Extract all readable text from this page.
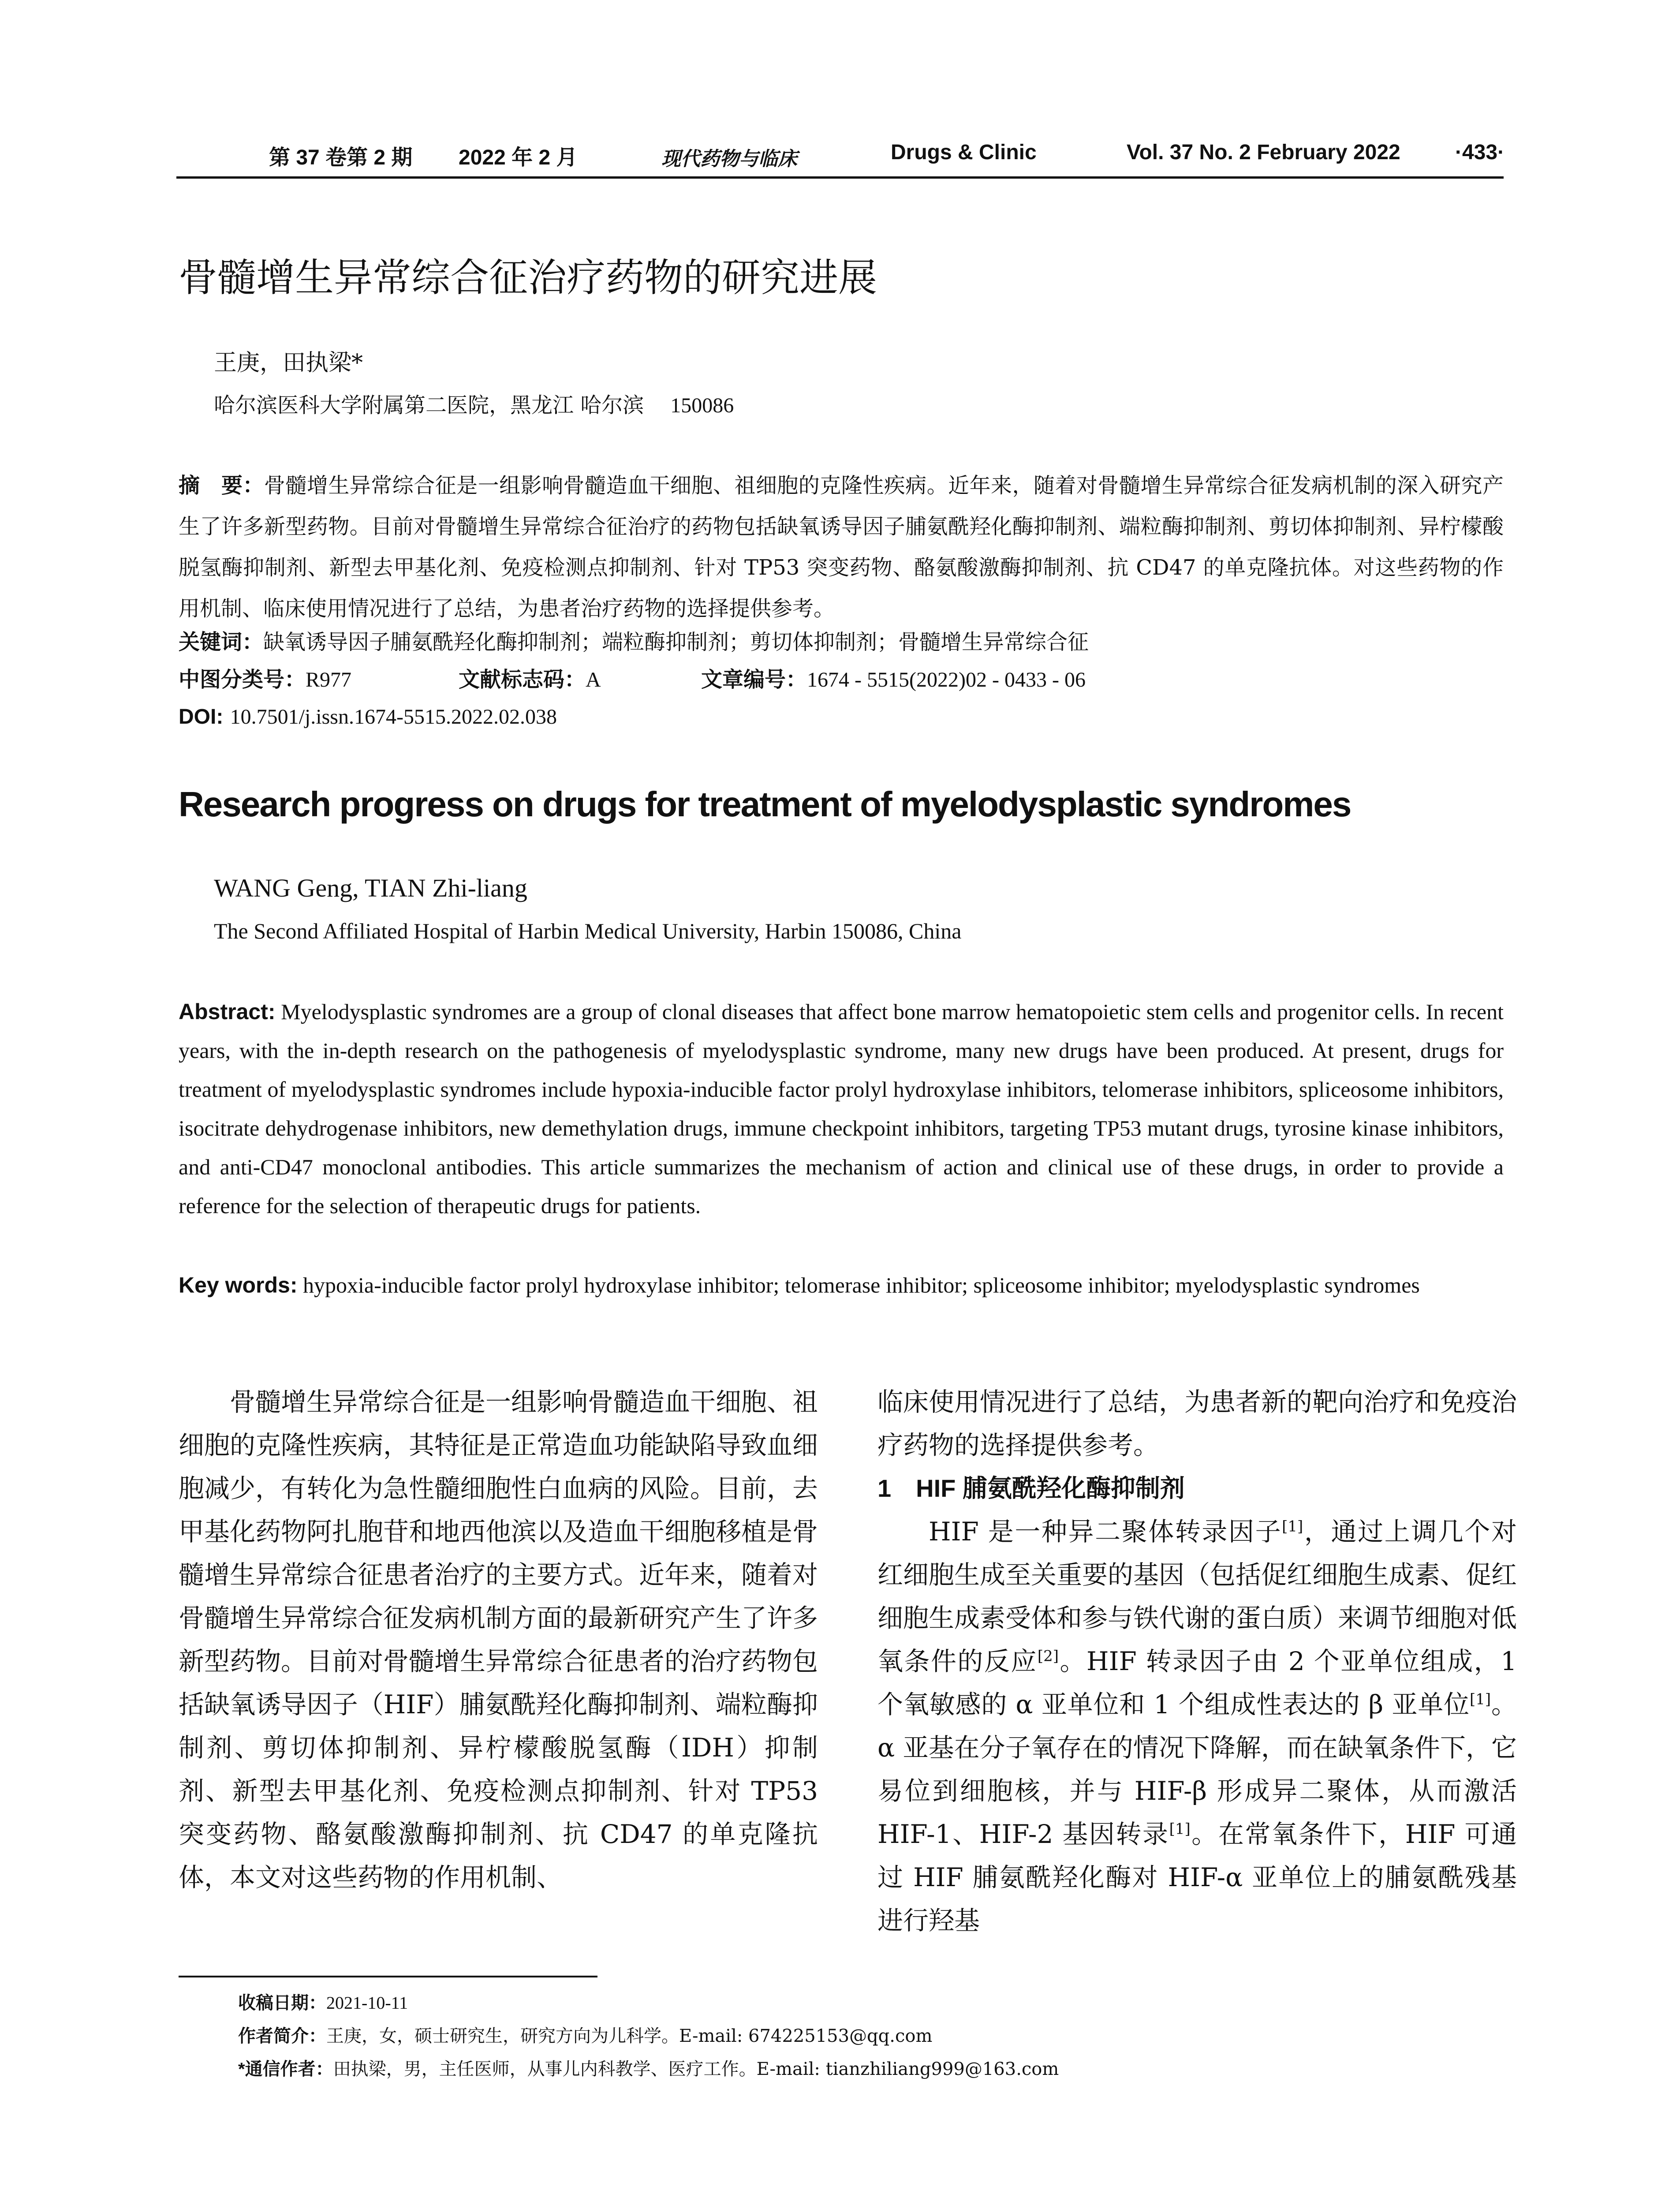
第 37 卷第 2 期 2022 年 2 月	现代药物与临床	Drugs & Clinic	Vol. 37 No. 2 February 2022	·433·
骨髓增生异常综合征治疗药物的研究进展
王庚，田执梁*
哈尔滨医科大学附属第二医院，黑龙江 哈尔滨 150086
摘　要：骨髓增生异常综合征是一组影响骨髓造血干细胞、祖细胞的克隆性疾病。近年来，随着对骨髓增生异常综合征发病机制的深入研究产生了许多新型药物。目前对骨髓增生异常综合征治疗的药物包括缺氧诱导因子脯氨酰羟化酶抑制剂、端粒酶抑制剂、剪切体抑制剂、异柠檬酸脱氢酶抑制剂、新型去甲基化剂、免疫检测点抑制剂、针对 TP53 突变药物、酪氨酸激酶抑制剂、抗 CD47 的单克隆抗体。对这些药物的作用机制、临床使用情况进行了总结，为患者治疗药物的选择提供参考。
关键词：缺氧诱导因子脯氨酰羟化酶抑制剂；端粒酶抑制剂；剪切体抑制剂；骨髓增生异常综合征
中图分类号：R977	文献标志码：A	文章编号：1674 - 5515(2022)02 - 0433 - 06
DOI: 10.7501/j.issn.1674-5515.2022.02.038
Research progress on drugs for treatment of myelodysplastic syndromes
WANG Geng, TIAN Zhi-liang
The Second Affiliated Hospital of Harbin Medical University, Harbin 150086, China
Abstract: Myelodysplastic syndromes are a group of clonal diseases that affect bone marrow hematopoietic stem cells and progenitor cells. In recent years, with the in-depth research on the pathogenesis of myelodysplastic syndrome, many new drugs have been produced. At present, drugs for treatment of myelodysplastic syndromes include hypoxia-inducible factor prolyl hydroxylase inhibitors, telomerase inhibitors, spliceosome inhibitors, isocitrate dehydrogenase inhibitors, new demethylation drugs, immune checkpoint inhibitors, targeting TP53 mutant drugs, tyrosine kinase inhibitors, and anti-CD47 monoclonal antibodies. This article summarizes the mechanism of action and clinical use of these drugs, in order to provide a reference for the selection of therapeutic drugs for patients.
Key words: hypoxia-inducible factor prolyl hydroxylase inhibitor; telomerase inhibitor; spliceosome inhibitor; myelodysplastic syndromes

骨髓增生异常综合征是一组影响骨髓造血干细胞、祖细胞的克隆性疾病，其特征是正常造血功能缺陷导致血细胞减少，有转化为急性髓细胞性白血病的风险。目前，去甲基化药物阿扎胞苷和地西他滨以及造血干细胞移植是骨髓增生异常综合征患者治疗的主要方式。近年来，随着对骨髓增生异常综合征发病机制方面的最新研究产生了许多新型药物。目前对骨髓增生异常综合征患者的治疗药物包括缺氧诱导因子（HIF）脯氨酰羟化酶抑制剂、端粒酶抑制剂、剪切体抑制剂、异柠檬酸脱氢酶（IDH）抑制剂、新型去甲基化剂、免疫检测点抑制剂、针对 TP53 突变药物、酪氨酸激酶抑制剂、抗 CD47 的单克隆抗体，本文对这些药物的作用机制、

临床使用情况进行了总结，为患者新的靶向治疗和免疫治疗药物的选择提供参考。

1　HIF 脯氨酰羟化酶抑制剂

HIF 是一种异二聚体转录因子[1]，通过上调几个对红细胞生成至关重要的基因（包括促红细胞生成素、促红细胞生成素受体和参与铁代谢的蛋白质）来调节细胞对低氧条件的反应[2]。HIF 转录因子由 2 个亚单位组成，1 个氧敏感的 α 亚单位和 1 个组成性表达的 β 亚单位[1]。α 亚基在分子氧存在的情况下降解，而在缺氧条件下，它易位到细胞核，并与 HIF-β 形成异二聚体，从而激活 HIF-1、HIF-2 基因转录[1]。在常氧条件下，HIF 可通过 HIF 脯氨酰羟化酶对 HIF-α 亚单位上的脯氨酰残基进行羟基

收稿日期：2021-10-11
作者简介：王庚，女，硕士研究生，研究方向为儿科学。E-mail: 674225153@qq.com
*通信作者：田执梁，男，主任医师，从事儿内科教学、医疗工作。E-mail: tianzhiliang999@163.com
